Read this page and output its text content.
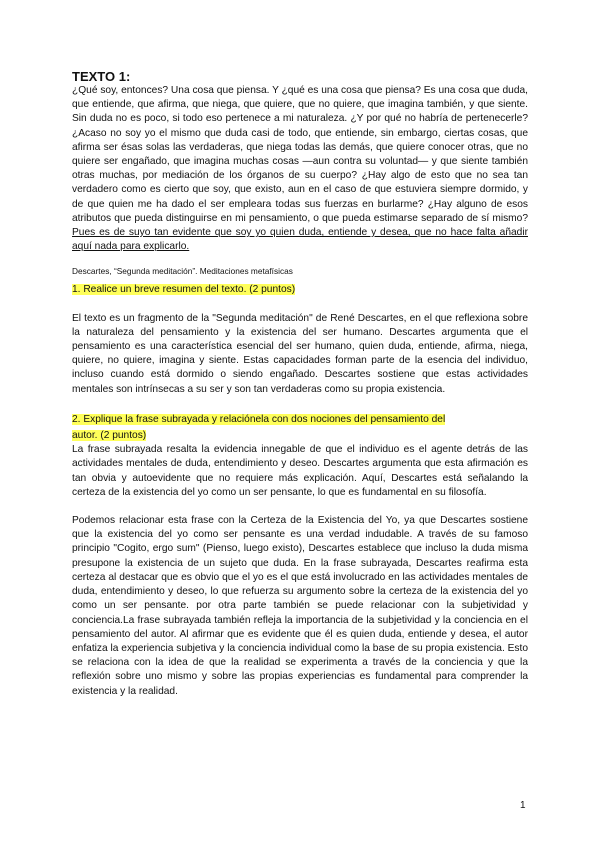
TEXTO 1:

¿Qué soy, entonces? Una cosa que piensa. Y ¿qué es una cosa que piensa? Es una cosa que duda, que entiende, que afirma, que niega, que quiere, que no quiere, que imagina también, y que siente. Sin duda no es poco, si todo eso pertenece a mi naturaleza. ¿Y por qué no habría de pertenecerle? ¿Acaso no soy yo el mismo que duda casi de todo, que entiende, sin embargo, ciertas cosas, que afirma ser ésas solas las verdaderas, que niega todas las demás, que quiere conocer otras, que no quiere ser engañado, que imagina muchas cosas —aun contra su voluntad— y que siente también otras muchas, por mediación de los órganos de su cuerpo? ¿Hay algo de esto que no sea tan verdadero como es cierto que soy, que existo, aun en el caso de que estuviera siempre dormido, y de que quien me ha dado el ser empleara todas sus fuerzas en burlarme? ¿Hay alguno de esos atributos que pueda distinguirse en mi pensamiento, o que pueda estimarse separado de sí mismo? Pues es de suyo tan evidente que soy yo quien duda, entiende y desea, que no hace falta añadir aquí nada para explicarlo.

Descartes, “Segunda meditación”. Meditaciones metafísicas

1. Realice un breve resumen del texto. (2 puntos)

El texto es un fragmento de la "Segunda meditación" de René Descartes, en el que reflexiona sobre la naturaleza del pensamiento y la existencia del ser humano. Descartes argumenta que el pensamiento es una característica esencial del ser humano, quien duda, entiende, afirma, niega, quiere, no quiere, imagina y siente. Estas capacidades forman parte de la esencia del individuo, incluso cuando está dormido o siendo engañado. Descartes sostiene que estas actividades mentales son intrínsecas a su ser y son tan verdaderas como su propia existencia.

2. Explique la frase subrayada y relaciónela con dos nociones del pensamiento del
autor. (2 puntos)

La frase subrayada resalta la evidencia innegable de que el individuo es el agente detrás de las actividades mentales de duda, entendimiento y deseo. Descartes argumenta que esta afirmación es tan obvia y autoevidente que no requiere más explicación. Aquí, Descartes está señalando la certeza de la existencia del yo como un ser pensante, lo que es fundamental en su filosofía.

Podemos relacionar esta frase con la Certeza de la Existencia del Yo, ya que Descartes sostiene que la existencia del yo como ser pensante es una verdad indudable. A través de su famoso principio "Cogito, ergo sum" (Pienso, luego existo), Descartes establece que incluso la duda misma presupone la existencia de un sujeto que duda. En la frase subrayada, Descartes reafirma esta certeza al destacar que es obvio que el yo es el que está involucrado en las actividades mentales de duda, entendimiento y deseo, lo que refuerza su argumento sobre la certeza de la existencia del yo como un ser pensante. por otra parte también se puede relacionar con la subjetividad y conciencia.La frase subrayada también refleja la importancia de la subjetividad y la conciencia en el pensamiento del autor. Al afirmar que es evidente que él es quien duda, entiende y desea, el autor enfatiza la experiencia subjetiva y la conciencia individual como la base de su propia existencia. Esto se relaciona con la idea de que la realidad se experimenta a través de la conciencia y que la reflexión sobre uno mismo y sobre las propias experiencias es fundamental para comprender la existencia y la realidad.

1
